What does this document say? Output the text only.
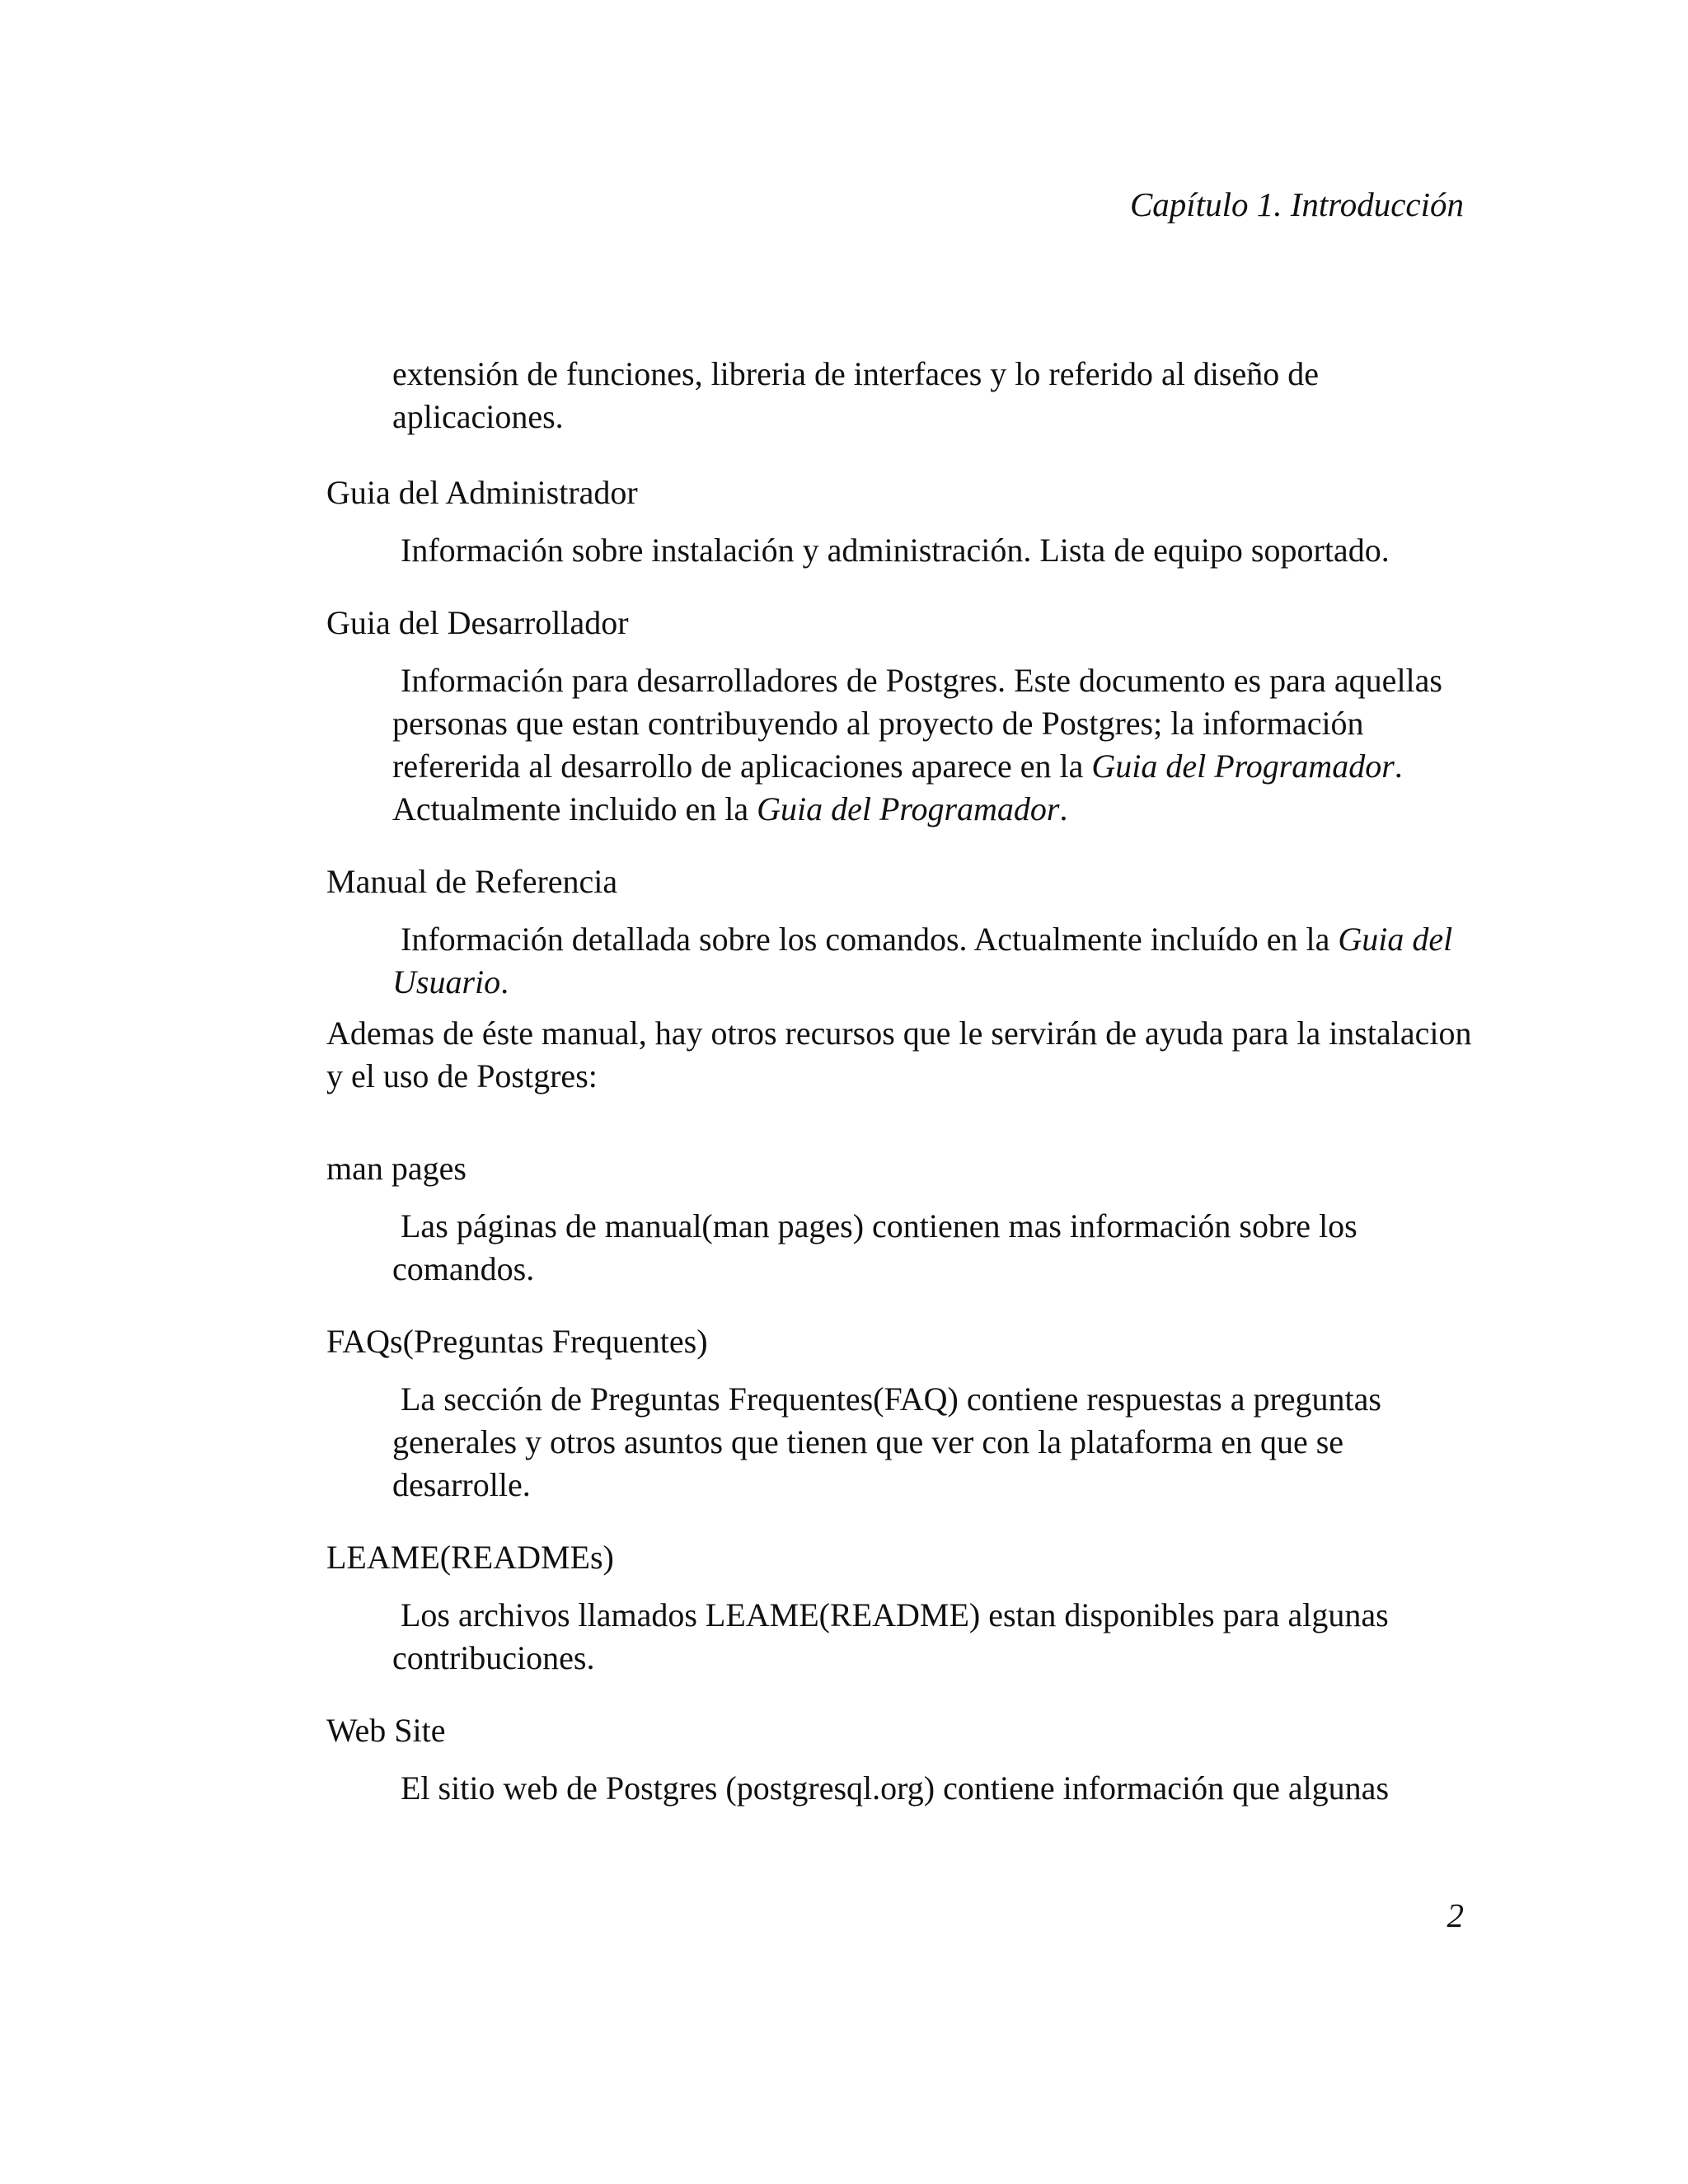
Capítulo 1. Introducción

extensión de funciones, libreria de interfaces y lo referido al diseño de aplicaciones.

Guia del Administrador

Información sobre instalación y administración. Lista de equipo soportado.

Guia del Desarrollador

Información para desarrolladores de Postgres. Este documento es para aquellas personas que estan contribuyendo al proyecto de Postgres; la información refererida al desarrollo de aplicaciones aparece en la Guia del Programador. Actualmente incluido en la Guia del Programador.

Manual de Referencia

Información detallada sobre los comandos. Actualmente incluído en la Guia del Usuario.

Ademas de éste manual, hay otros recursos que le servirán de ayuda para la instalacion y el uso de Postgres:

man pages

Las páginas de manual(man pages) contienen mas información sobre los comandos.

FAQs(Preguntas Frequentes)

La sección de Preguntas Frequentes(FAQ) contiene respuestas a preguntas generales y otros asuntos que tienen que ver con la plataforma en que se desarrolle.

LEAME(READMEs)

Los archivos llamados LEAME(README) estan disponibles para algunas contribuciones.

Web Site

El sitio web de Postgres (postgresql.org) contiene información que algunas

2
